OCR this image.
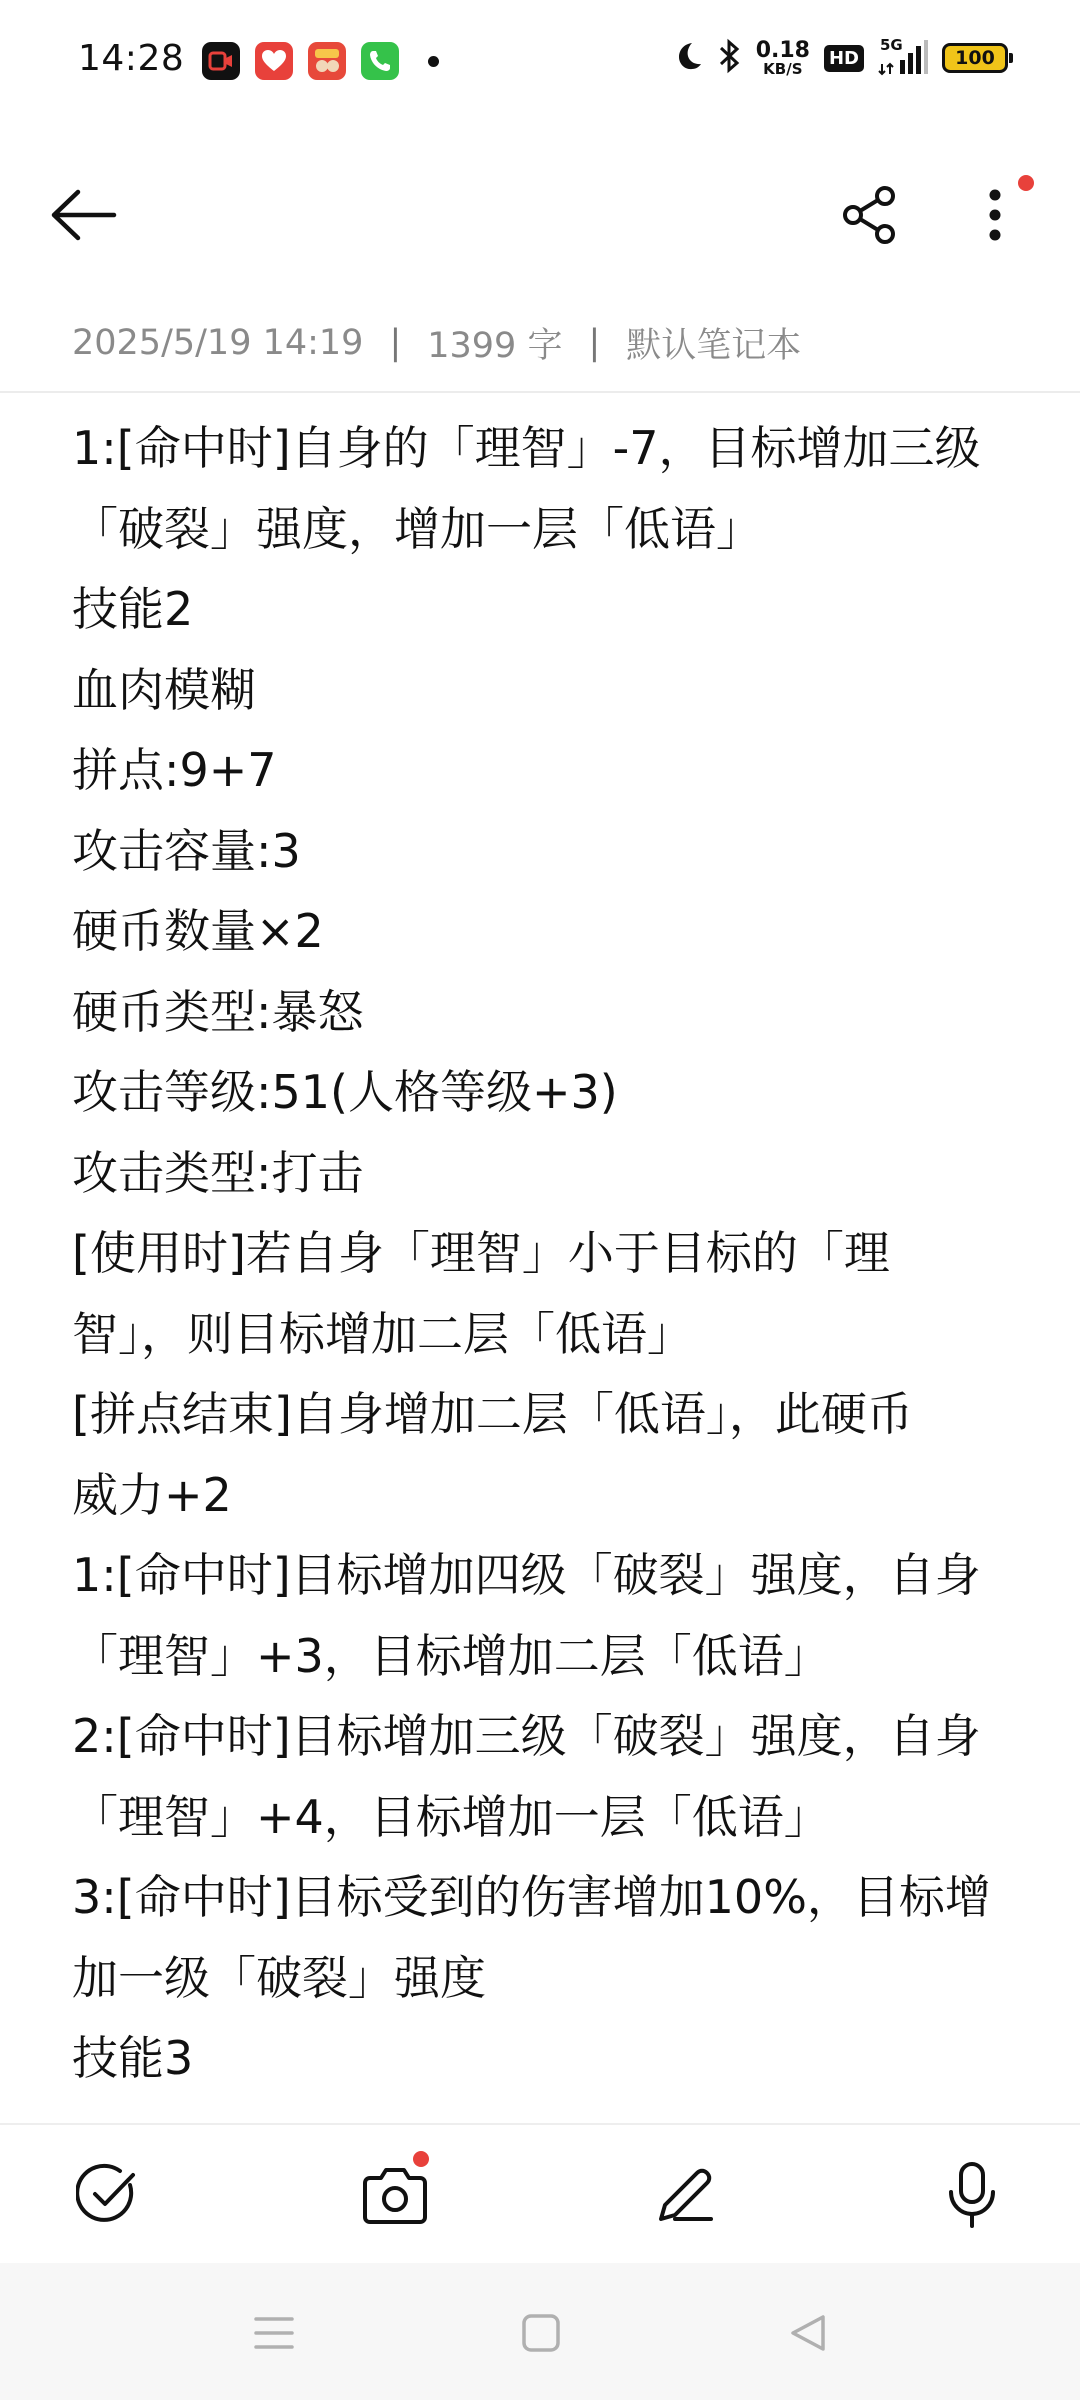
14:28	0.18
KB/S HD
5G
100
2025/5/19 14:19 | 1399 字 | 默认笔记本
1:[命中时]自身的「理智」-7，目标增加三级
「破裂」强度，增加一层「低语」
技能2
血肉模糊
拼点:9+7
攻击容量:3
硬币数量×2
硬币类型:暴怒
攻击等级:51(人格等级+3)
攻击类型:打击
[使用时]若自身「理智」小于目标的「理
智」，则目标增加二层「低语」
[拼点结束]自身增加二层「低语」，此硬币
威力+2
1:[命中时]目标增加四级「破裂」强度，自身
「理智」+3，目标增加二层「低语」
2:[命中时]目标增加三级「破裂」强度，自身
「理智」+4，目标增加一层「低语」
3:[命中时]目标受到的伤害增加10%，目标增
加一级「破裂」强度
技能3
